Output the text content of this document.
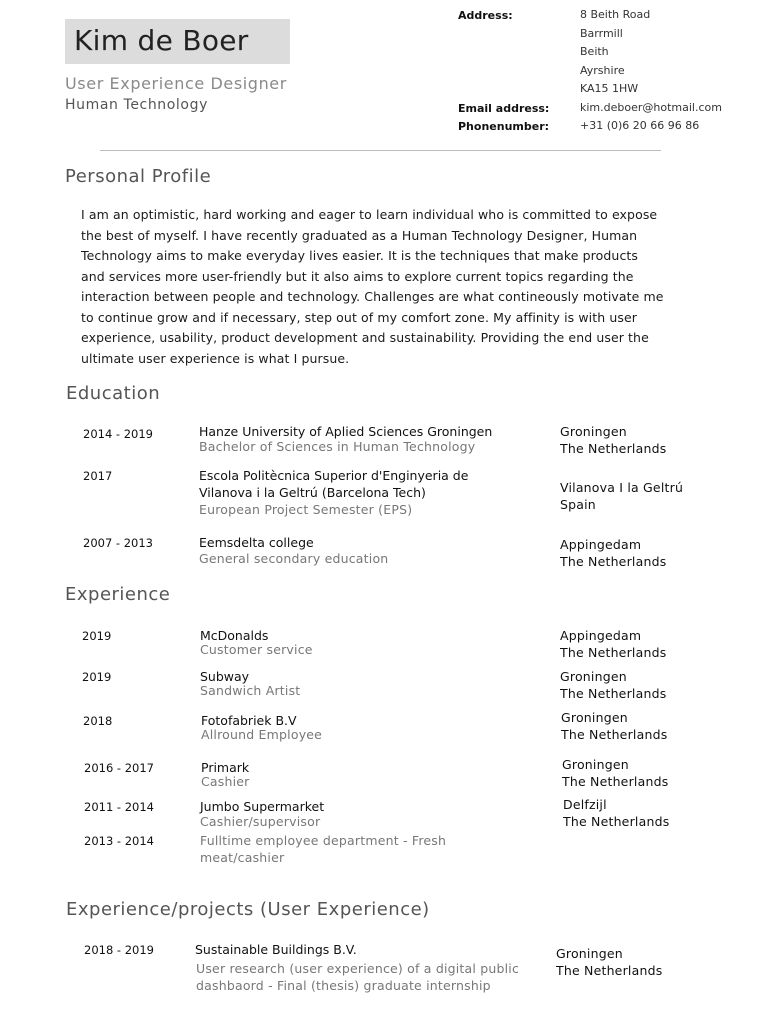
Kim de Boer
User Experience Designer
Human Technology
Address:	8 Beith Road
Barrmill
Beith
Ayrshire
KA15 1HW
Email address:	kim.deboer@hotmail.com
Phonenumber:	+31 (0)6 20 66 96 86
Personal Profile
I am an optimistic, hard working and eager to learn individual who is committed to expose
the best of myself. I have recently graduated as a Human Technology Designer, Human
Technology aims to make everyday lives easier. It is the techniques that make products
and services more user-friendly but it also aims to explore current topics regarding the
interaction between people and technology. Challenges are what contineously motivate me
to continue grow and if necessary, step out of my comfort zone. My affinity is with user
experience, usability, product development and sustainability. Providing the end user the
ultimate user experience is what I pursue.
Education
2014 - 2019	Hanze University of Aplied Sciences Groningen
Bachelor of Sciences in Human Technology
Groningen
The Netherlands
2017	Escola Politècnica Superior d'Enginyeria de
Vilanova i la Geltrú (Barcelona Tech)
European Project Semester (EPS)
Vilanova I la Geltrú
Spain
2007 - 2013	Eemsdelta college
General secondary education
Appingedam
The Netherlands
Experience
2019	McDonalds
Customer service
Appingedam
The Netherlands
2019	Subway
Sandwich Artist
Groningen
The Netherlands
2018	Fotofabriek B.V
Allround Employee
Groningen
The Netherlands
2016 - 2017	Primark
Cashier
Groningen
The Netherlands
2011 - 2014	Jumbo Supermarket
Cashier/supervisor
Delfzijl
The Netherlands
2013 - 2014	Fulltime employee department - Fresh
meat/cashier
Experience/projects (User Experience)
2018 - 2019	Sustainable Buildings B.V.
User research (user experience) of a digital public
dashbaord - Final (thesis) graduate internship
Groningen
The Netherlands
